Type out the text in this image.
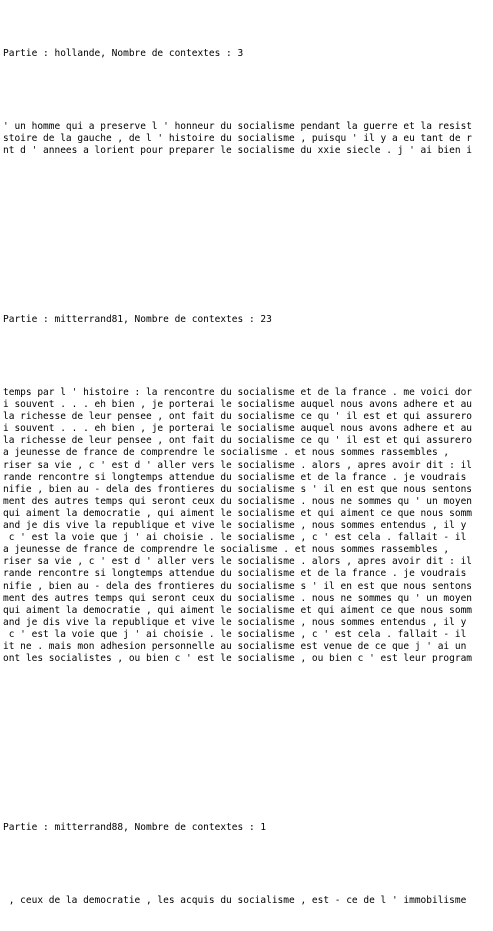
Partie : hollande, Nombre de contextes : 3

' un homme qui a preserve l ' honneur du socialisme pendant la guerre et la resist
stoire de la gauche , de l ' histoire du socialisme , puisqu ' il y a eu tant de r
nt d ' annees a lorient pour preparer le socialisme du xxie siecle . j ' ai bien i

Partie : mitterrand81, Nombre de contextes : 23

temps par l ' histoire : la rencontre du socialisme et de la france . me voici dor
i souvent . . . eh bien , je porterai le socialisme auquel nous avons adhere et au
la richesse de leur pensee , ont fait du socialisme ce qu ' il est et qui assurero
i souvent . . . eh bien , je porterai le socialisme auquel nous avons adhere et au
la richesse de leur pensee , ont fait du socialisme ce qu ' il est et qui assurero
a jeunesse de france de comprendre le socialisme . et nous sommes rassembles ,
riser sa vie , c ' est d ' aller vers le socialisme . alors , apres avoir dit : il
rande rencontre si longtemps attendue du socialisme et de la france . je voudrais
nifie , bien au - dela des frontieres du socialisme s ' il en est que nous sentons
ment des autres temps qui seront ceux du socialisme . nous ne sommes qu ' un moyen
qui aiment la democratie , qui aiment le socialisme et qui aiment ce que nous somm
and je dis vive la republique et vive le socialisme , nous sommes entendus , il y
c ' est la voie que j ' ai choisie . le socialisme , c ' est cela . fallait - il
a jeunesse de france de comprendre le socialisme . et nous sommes rassembles ,
riser sa vie , c ' est d ' aller vers le socialisme . alors , apres avoir dit : il
rande rencontre si longtemps attendue du socialisme et de la france . je voudrais
nifie , bien au - dela des frontieres du socialisme s ' il en est que nous sentons
ment des autres temps qui seront ceux du socialisme . nous ne sommes qu ' un moyen
qui aiment la democratie , qui aiment le socialisme et qui aiment ce que nous somm
and je dis vive la republique et vive le socialisme , nous sommes entendus , il y
c ' est la voie que j ' ai choisie . le socialisme , c ' est cela . fallait - il
it ne . mais mon adhesion personnelle au socialisme est venue de ce que j ' ai un
ont les socialistes , ou bien c ' est le socialisme , ou bien c ' est leur program

Partie : mitterrand88, Nombre de contextes : 1

, ceux de la democratie , les acquis du socialisme , est - ce de l ' immobilisme
